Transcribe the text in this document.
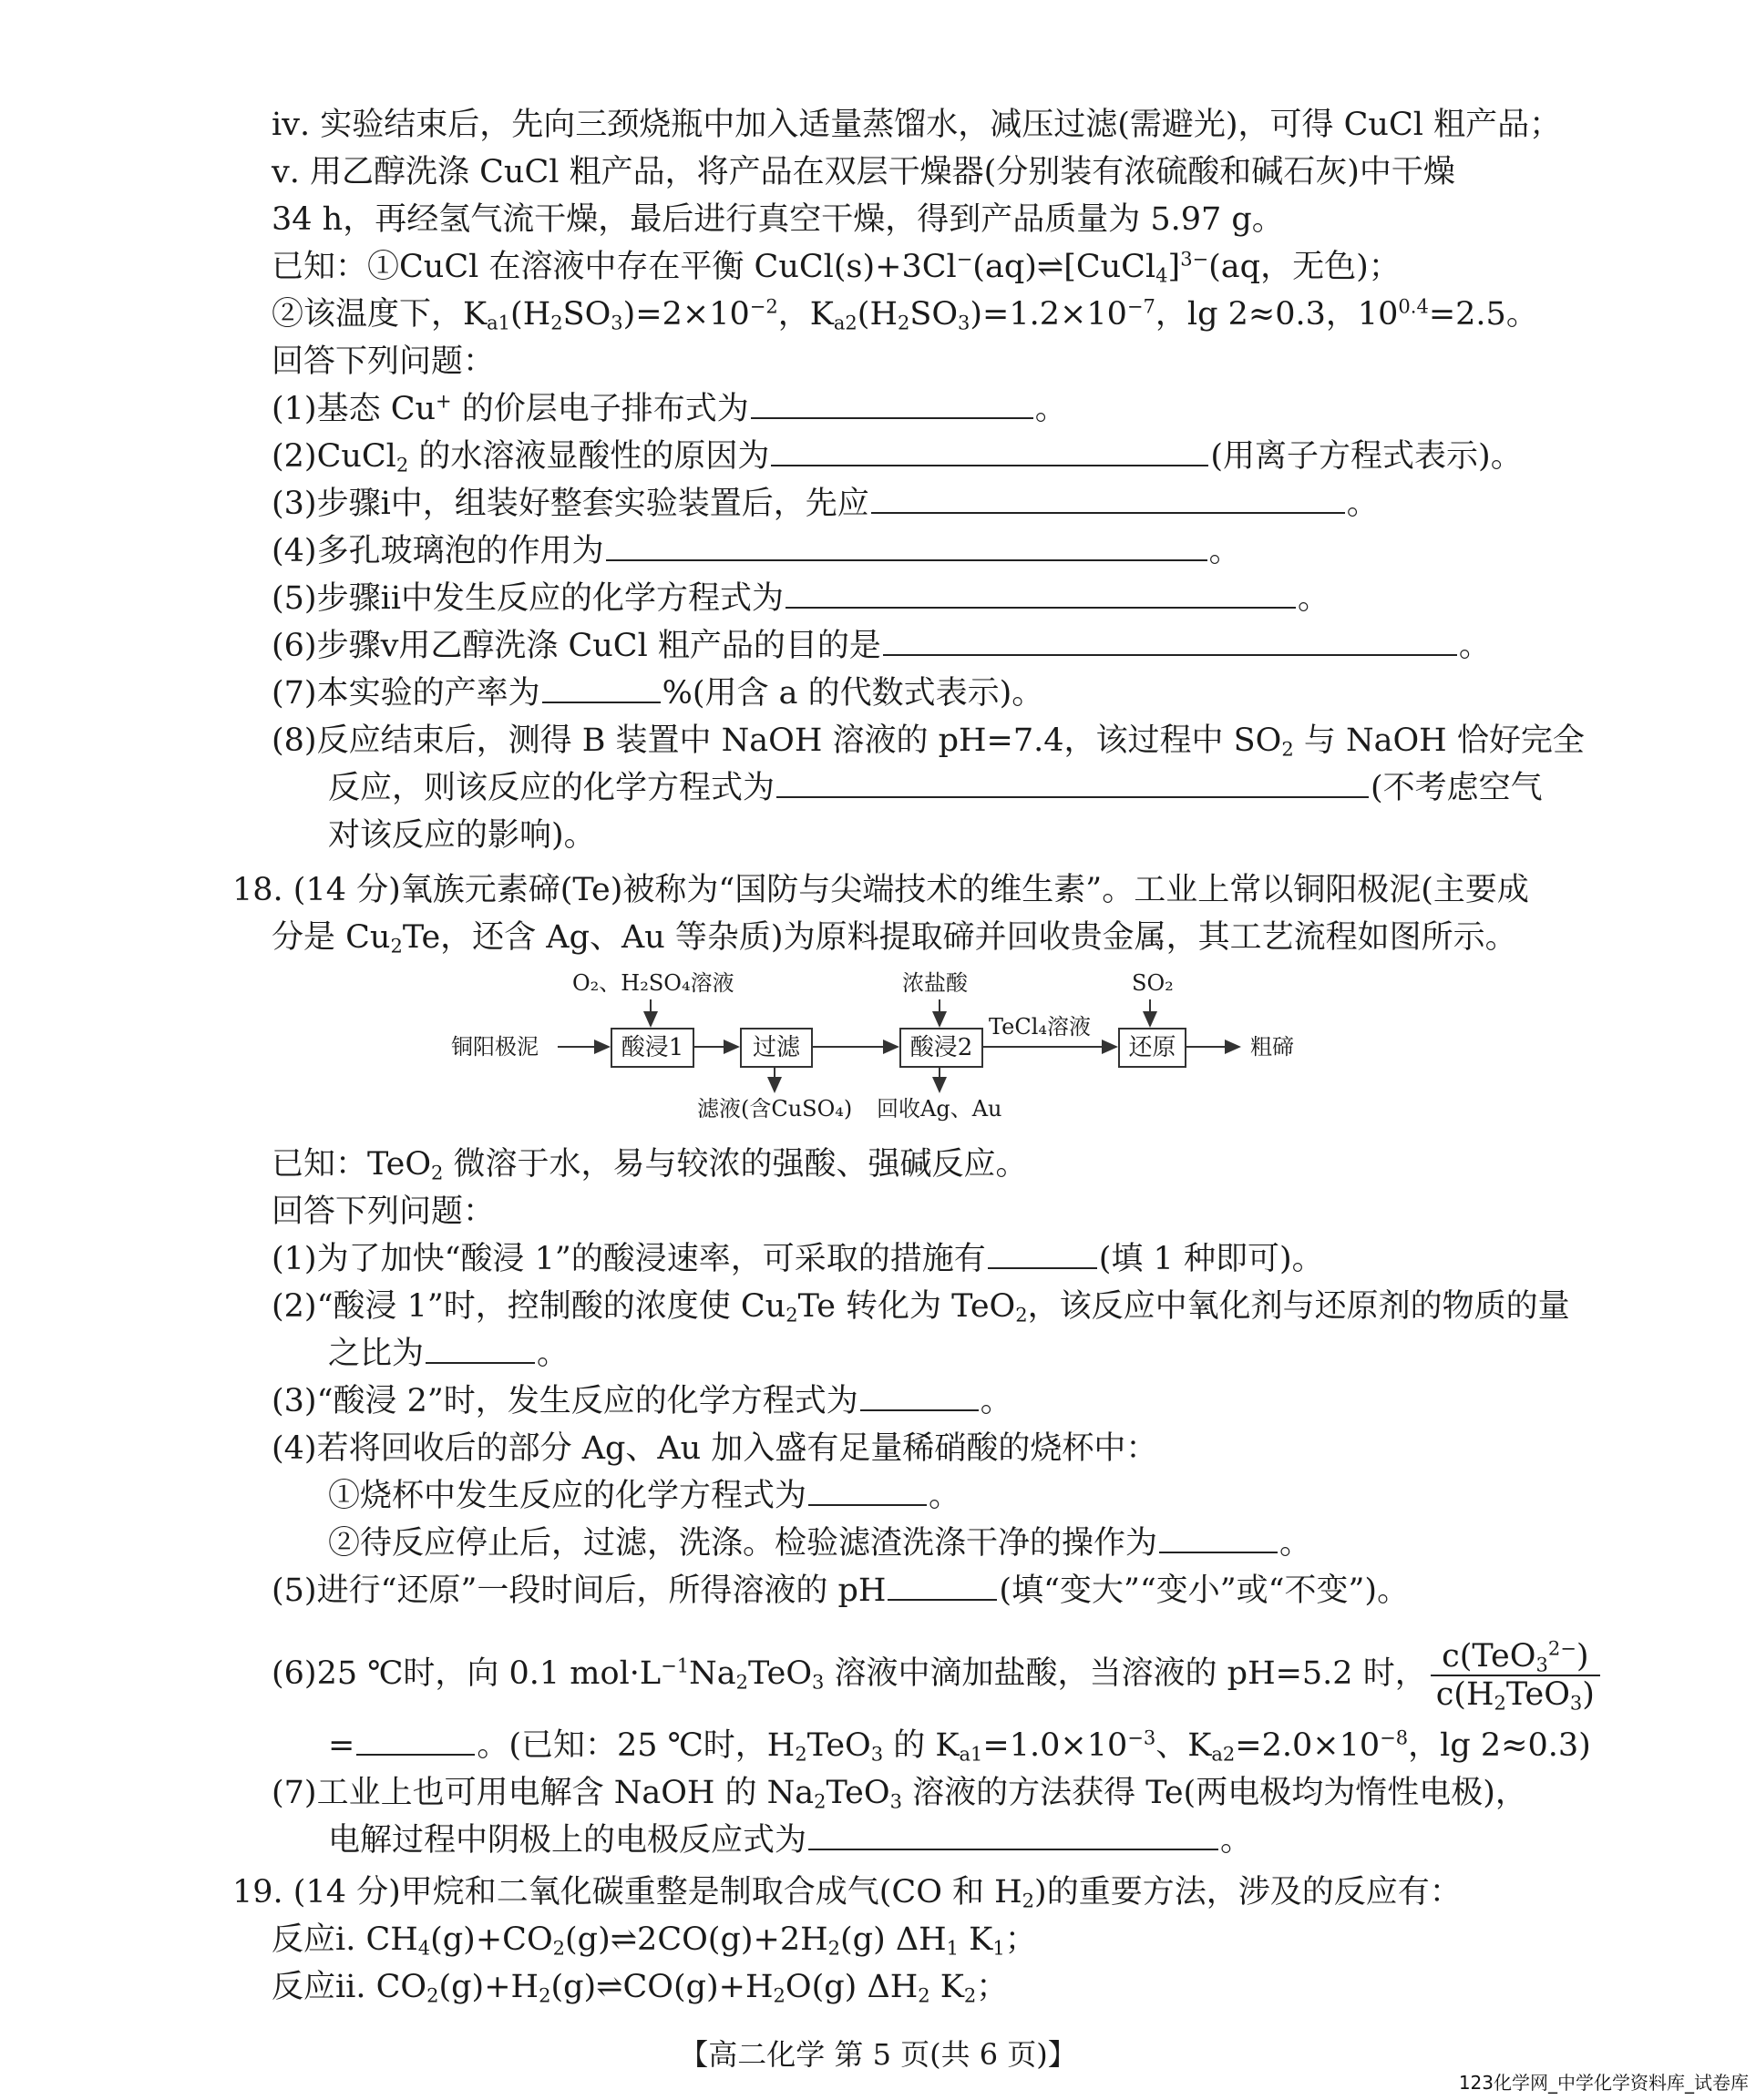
ⅳ. 实验结束后，先向三颈烧瓶中加入适量蒸馏水，减压过滤(需避光)，可得 CuCl 粗产品；
ⅴ. 用乙醇洗涤 CuCl 粗产品，将产品在双层干燥器(分别装有浓硫酸和碱石灰)中干燥
34 h，再经氢气流干燥，最后进行真空干燥，得到产品质量为 5.97 g。
已知：①CuCl 在溶液中存在平衡 CuCl(s)+3Cl−(aq)⇌[CuCl$_4$]$^{3-}$(aq，无色)；
②该温度下，$K_{a1}(H_2SO_3)=2\times 10^{-2}$，$K_{a2}(H_2SO_3)=1.2\times 10^{-7}$，lg 2≈0.3，$10^{0.4}=2.5$。
回答下列问题：
(1)基态 Cu+ 的价层电子排布式为	。
(2)CuCl$_2$ 的水溶液显酸性的原因为	(用离子方程式表示)。
(3)步骤ⅰ中，组装好整套实验装置后，先应	。
(4)多孔玻璃泡的作用为	。
(5)步骤ⅱ中发生反应的化学方程式为	。
(6)步骤ⅴ用乙醇洗涤 CuCl 粗产品的目的是	。
(7)本实验的产率为	%(用含 a 的代数式表示)。
(8)反应结束后，测得 B 装置中 NaOH 溶液的 pH=7.4，该过程中 $SO_2$ 与 NaOH 恰好完全
反应，则该反应的化学方程式为	(不考虑空气
对该反应的影响)。
18. (14 分)氧族元素碲(Te)被称为“国防与尖端技术的维生素”。工业上常以铜阳极泥(主要成
分是 $Cu_2Te$，还含 Ag、Au 等杂质)为原料提取碲并回收贵金属，其工艺流程如图所示。
铜阳极泥	酸浸1
O₂、H₂SO₄溶液
过滤
滤液(含CuSO₄)
酸浸2
浓盐酸
回收Ag、Au
TeCl₄溶液
还原
SO₂
粗碲
已知：TeO$_2$ 微溶于水，易与较浓的强酸、强碱反应。
回答下列问题：
(1)为了加快“酸浸 1”的酸浸速率，可采取的措施有	(填 1 种即可)。
(2)“酸浸 1”时，控制酸的浓度使 $Cu_2Te$ 转化为 TeO$_2$，该反应中氧化剂与还原剂的物质的量
之比为	。
(3)“酸浸 2”时，发生反应的化学方程式为	。
(4)若将回收后的部分 Ag、Au 加入盛有足量稀硝酸的烧杯中：
①烧杯中发生反应的化学方程式为	。
②待反应停止后，过滤，洗涤。检验滤渣洗涤干净的操作为	。
(5)进行“还原”一段时间后，所得溶液的 pH	(填“变大”“变小”或“不变”)。
(6)25 ℃时，向 0.1 $mol\cdot L^{-1}Na_2TeO_3$ 溶液中滴加盐酸，当溶液的 pH=5.2 时， $\frac{c(TeO_3^{2-})}{c(H_2TeO_3)}$
=	。(已知：25 ℃时，$H_2TeO_3$ 的 $K_{a1}=1.0\times 10^{-3}$、$K_{a2}=2.0\times 10^{-8}$，lg 2≈0.3)
(7)工业上也可用电解含 NaOH 的 $Na_2TeO_3$ 溶液的方法获得 Te(两电极均为惰性电极)，
电解过程中阴极上的电极反应式为	。
19. (14 分)甲烷和二氧化碳重整是制取合成气(CO 和 $H_2$)的重要方法，涉及的反应有：
反应ⅰ. $CH_4(g)+CO_2(g)\rightleftharpoons 2CO(g)+2H_2(g)$ $\Delta H_1$ $K_1$；
反应ⅱ. $CO_2(g)+H_2(g)\rightleftharpoons CO(g)+H_2O(g)$ $\Delta H_2$ $K_2$；
【高二化学 第 5 页(共 6 页)】
123化学网_中学化学资料库_试卷库
